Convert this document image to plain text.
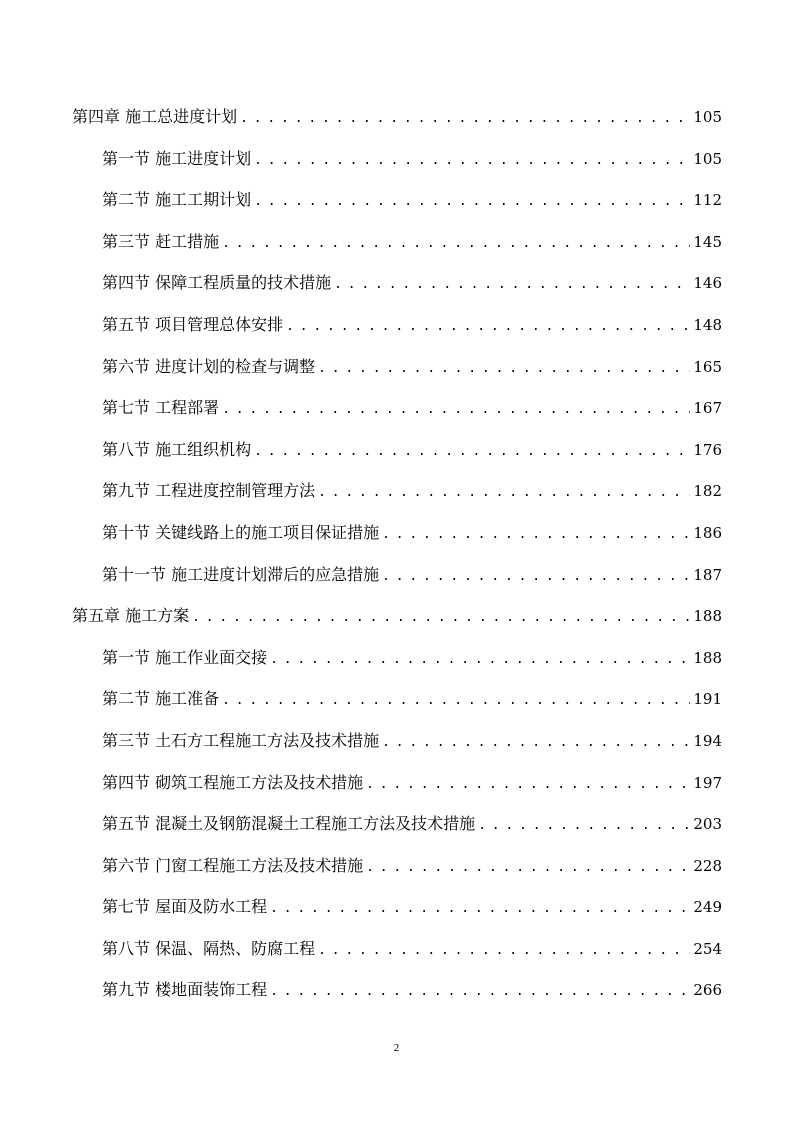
第四章 施工总进度计划 . . .	105
第一节 施工进度计划 . . .	105
第二节 施工工期计划 . . .	112
第三节 赶工措施 . . .	145
第四节 保障工程质量的技术措施 . . .	146
第五节 项目管理总体安排 . . .	148
第六节 进度计划的检查与调整 . . .	165
第七节 工程部署 . . .	167
第八节 施工组织机构 . . .	176
第九节 工程进度控制管理方法 . . .	182
第十节 关键线路上的施工项目保证措施 . . .	186
第十一节 施工进度计划滞后的应急措施 . . .	187
第五章 施工方案 . . .	188
第一节 施工作业面交接 . . .	188
第二节 施工准备 . . .	191
第三节 土石方工程施工方法及技术措施 . . .	194
第四节 砌筑工程施工方法及技术措施 . . .	197
第五节 混凝土及钢筋混凝土工程施工方法及技术措施 . . .	203
第六节 门窗工程施工方法及技术措施 . . .	228
第七节 屋面及防水工程 . . .	249
第八节 保温、隔热、防腐工程 . . .	254
第九节 楼地面装饰工程 . . .	266
2
